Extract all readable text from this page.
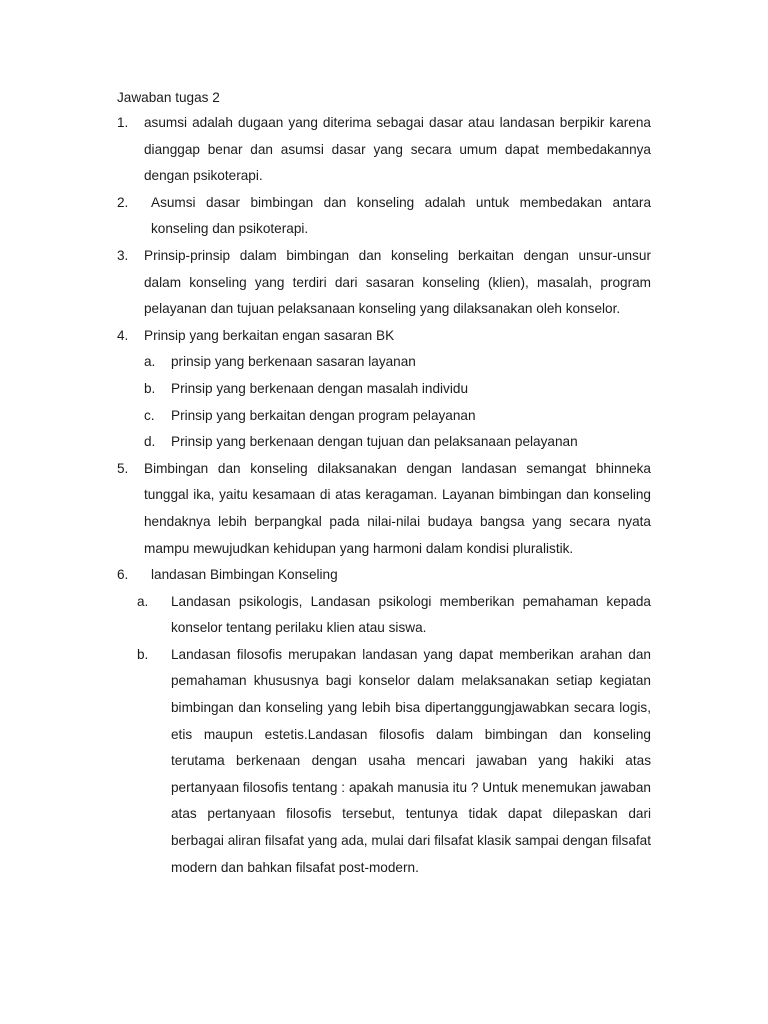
Jawaban tugas 2
1. asumsi adalah dugaan yang diterima sebagai dasar atau landasan berpikir karena dianggap benar dan asumsi dasar yang secara umum dapat membedakannya dengan psikoterapi.
2.	Asumsi dasar bimbingan dan konseling adalah untuk membedakan antara konseling dan psikoterapi.
3. Prinsip-prinsip dalam bimbingan dan konseling berkaitan dengan unsur-unsur dalam konseling yang terdiri dari sasaran konseling (klien), masalah, program pelayanan dan tujuan pelaksanaan konseling yang dilaksanakan oleh konselor.
4. Prinsip yang berkaitan engan sasaran BK
a. prinsip yang berkenaan sasaran layanan
b. Prinsip yang berkenaan dengan masalah individu
c. Prinsip yang berkaitan dengan program pelayanan
d. Prinsip yang berkenaan dengan tujuan dan pelaksanaan pelayanan
5. Bimbingan dan konseling dilaksanakan dengan landasan semangat bhinneka tunggal ika, yaitu kesamaan di atas keragaman. Layanan bimbingan dan konseling hendaknya lebih berpangkal pada nilai-nilai budaya bangsa yang secara nyata mampu mewujudkan kehidupan yang harmoni dalam kondisi pluralistik.
6.	landasan Bimbingan Konseling
a.	Landasan psikologis, Landasan psikologi memberikan pemahaman kepada konselor tentang perilaku klien atau siswa.
b.	Landasan filosofis merupakan landasan yang dapat memberikan arahan dan pemahaman khususnya bagi konselor dalam melaksanakan setiap kegiatan bimbingan dan konseling yang lebih bisa dipertanggungjawabkan secara logis, etis maupun estetis.Landasan filosofis dalam bimbingan dan konseling terutama berkenaan dengan usaha mencari jawaban yang hakiki atas pertanyaan filosofis tentang : apakah manusia itu ? Untuk menemukan jawaban atas pertanyaan filosofis tersebut, tentunya tidak dapat dilepaskan dari berbagai aliran filsafat yang ada, mulai dari filsafat klasik sampai dengan filsafat modern dan bahkan filsafat post-modern.
